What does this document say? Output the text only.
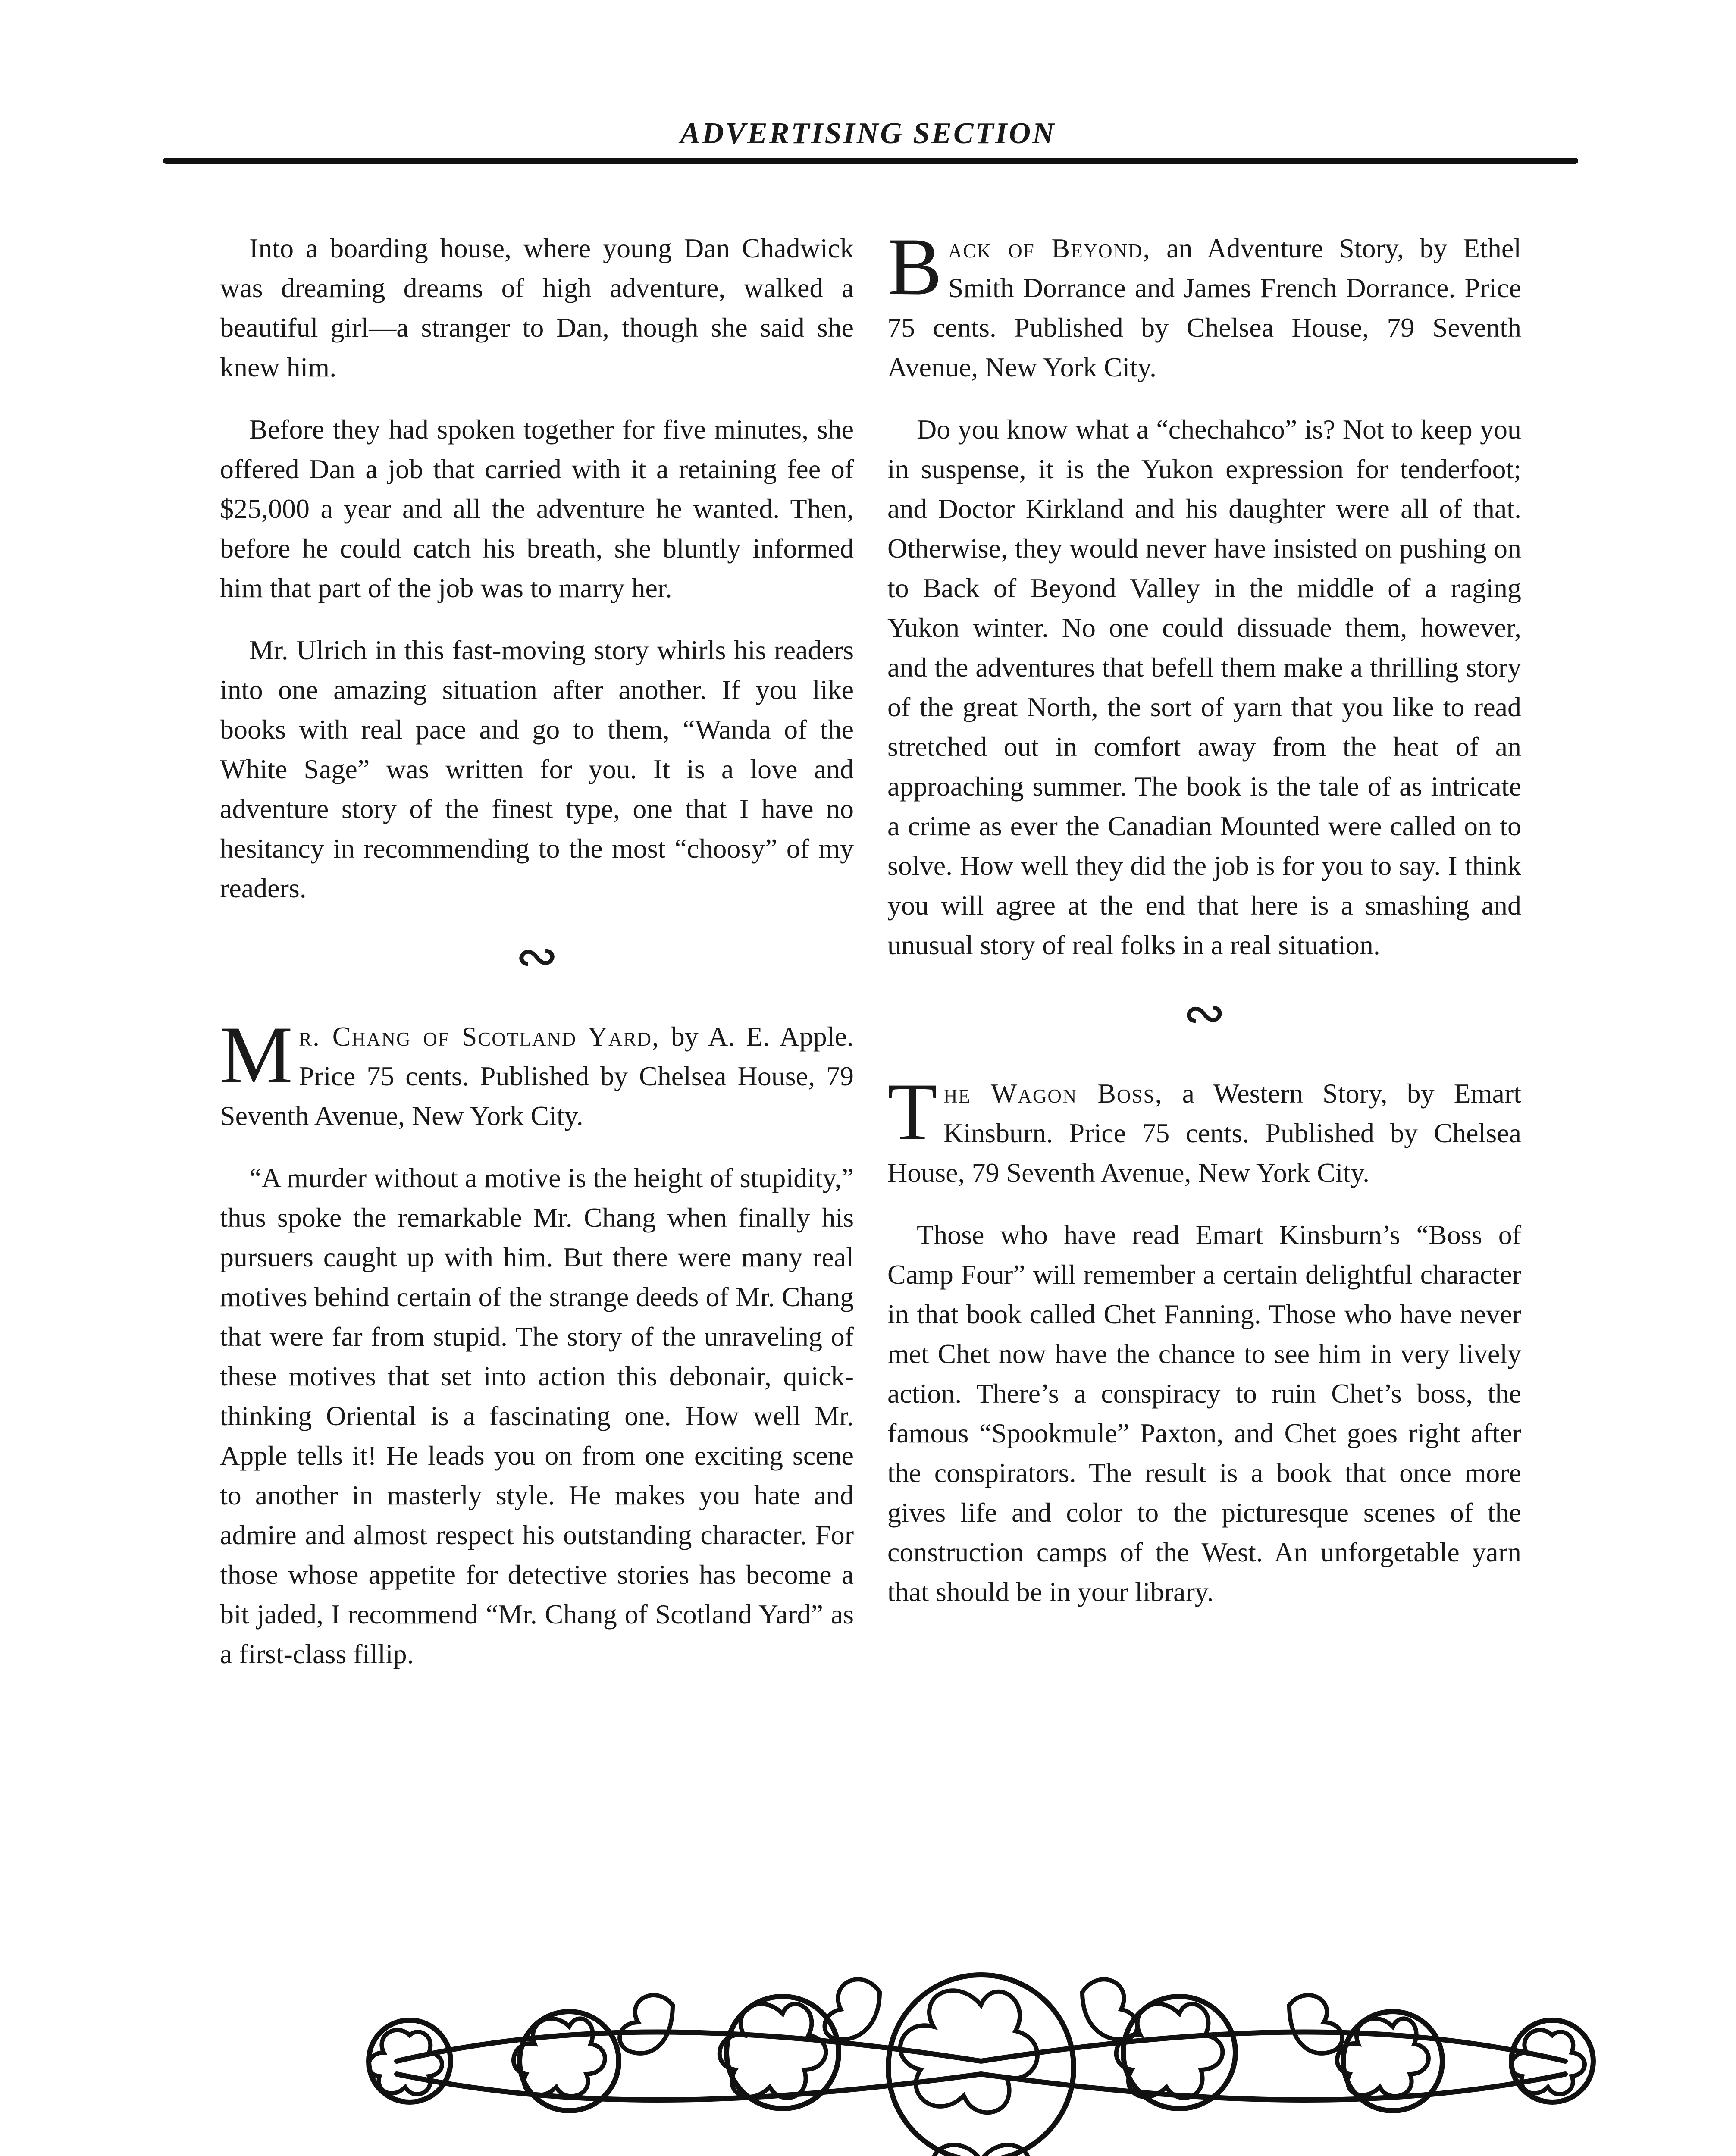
ADVERTISING SECTION

Into a boarding house, where young Dan Chadwick was dreaming dreams of high adventure, walked a beautiful girl—a stranger to Dan, though she said she knew him.

Before they had spoken together for five minutes, she offered Dan a job that carried with it a retaining fee of $25,000 a year and all the adventure he wanted. Then, before he could catch his breath, she bluntly informed him that part of the job was to marry her.

Mr. Ulrich in this fast-moving story whirls his readers into one amazing situation after another. If you like books with real pace and go to them, “Wanda of the White Sage” was written for you. It is a love and adventure story of the finest type, one that I have no hesitancy in recommending to the most “choosy” of my readers.

∾

Mr. Chang of Scotland Yard, by A. E. Apple. Price 75 cents. Published by Chelsea House, 79 Seventh Avenue, New York City.

“A murder without a motive is the height of stupidity,” thus spoke the remarkable Mr. Chang when finally his pursuers caught up with him. But there were many real motives behind certain of the strange deeds of Mr. Chang that were far from stupid. The story of the unraveling of these motives that set into action this debonair, quick-thinking Oriental is a fascinating one. How well Mr. Apple tells it! He leads you on from one exciting scene to another in masterly style. He makes you hate and admire and almost respect his outstanding character. For those whose appetite for detective stories has become a bit jaded, I recommend “Mr. Chang of Scotland Yard” as a first-class fillip.

Back of Beyond, an Adventure Story, by Ethel Smith Dorrance and James French Dorrance. Price 75 cents. Published by Chelsea House, 79 Seventh Avenue, New York City.

Do you know what a “chechahco” is? Not to keep you in suspense, it is the Yukon expression for tenderfoot; and Doctor Kirkland and his daughter were all of that. Otherwise, they would never have insisted on pushing on to Back of Beyond Valley in the middle of a raging Yukon winter. No one could dissuade them, however, and the adventures that befell them make a thrilling story of the great North, the sort of yarn that you like to read stretched out in comfort away from the heat of an approaching summer. The book is the tale of as intricate a crime as ever the Canadian Mounted were called on to solve. How well they did the job is for you to say. I think you will agree at the end that here is a smashing and unusual story of real folks in a real situation.

∾

The Wagon Boss, a Western Story, by Emart Kinsburn. Price 75 cents. Published by Chelsea House, 79 Seventh Avenue, New York City.

Those who have read Emart Kinsburn’s “Boss of Camp Four” will remember a certain delightful character in that book called Chet Fanning. Those who have never met Chet now have the chance to see him in very lively action. There’s a conspiracy to ruin Chet’s boss, the famous “Spookmule” Paxton, and Chet goes right after the conspirators. The result is a book that once more gives life and color to the picturesque scenes of the construction camps of the West. An unforgetable yarn that should be in your library.
